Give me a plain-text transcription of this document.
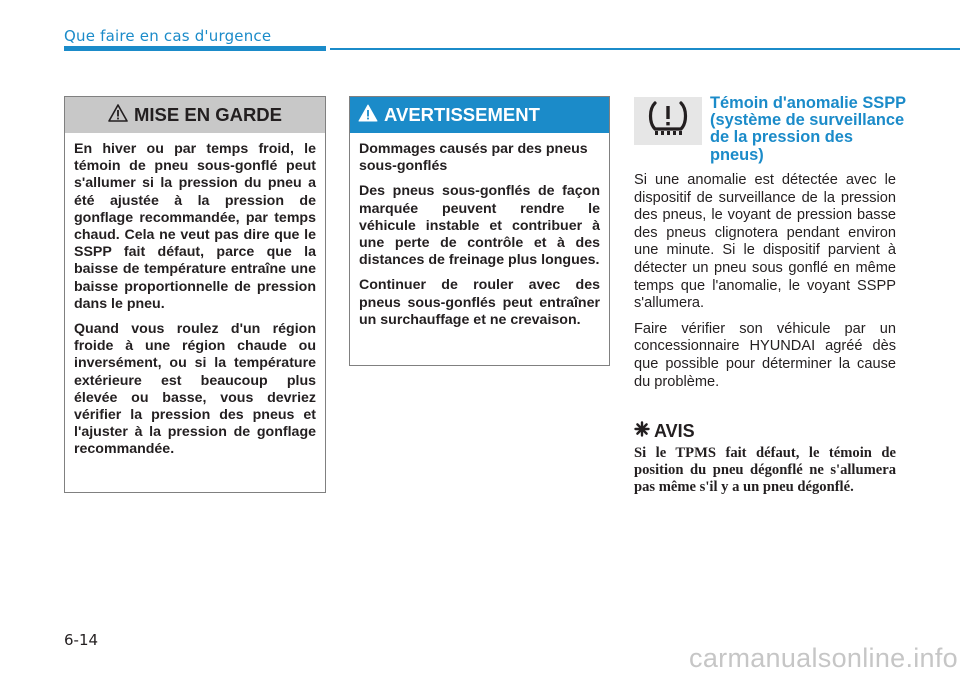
Que faire en cas d'urgence
MISE EN GARDE

En hiver ou par temps froid, le témoin de pneu sous-gonflé peut s'allumer si la pression du pneu a été ajustée à la pression de gonflage recommandée, par temps chaud. Cela ne veut pas dire que le SSPP fait défaut, parce que la baisse de température entraîne une baisse proportionnelle de pression dans le pneu.

Quand vous roulez d'un région froide à une région chaude ou inversément, ou si la température extérieure est beaucoup plus élevée ou basse, vous devriez vérifier la pression des pneus et l'ajuster à la pression de gonflage recommandée.

AVERTISSEMENT

Dommages causés par des pneus sous-gonflés

Des pneus sous-gonflés de façon marquée peuvent rendre le véhicule instable et contribuer à une perte de contrôle et à des distances de freinage plus longues.

Continuer de rouler avec des pneus sous-gonflés peut entraîner un surchauffage et ne crevaison.

Témoin d'anomalie SSPP (système de surveillance de la pression des pneus)

Si une anomalie est détectée avec le dispositif de surveillance de la pression des pneus, le voyant de pression basse des pneus clignotera pendant environ une minute. Si le dispositif parvient à détecter un pneu sous gonflé en même temps que l'anomalie, le voyant SSPP s'allumera.

Faire vérifier son véhicule par un concessionnaire HYUNDAI agréé dès que possible pour déterminer la cause du problème.

AVIS
Si le TPMS fait défaut, le témoin de position du pneu dégonflé ne s'allumera pas même s'il y a un pneu dégonflé.
6-14
carmanualsonline.info
